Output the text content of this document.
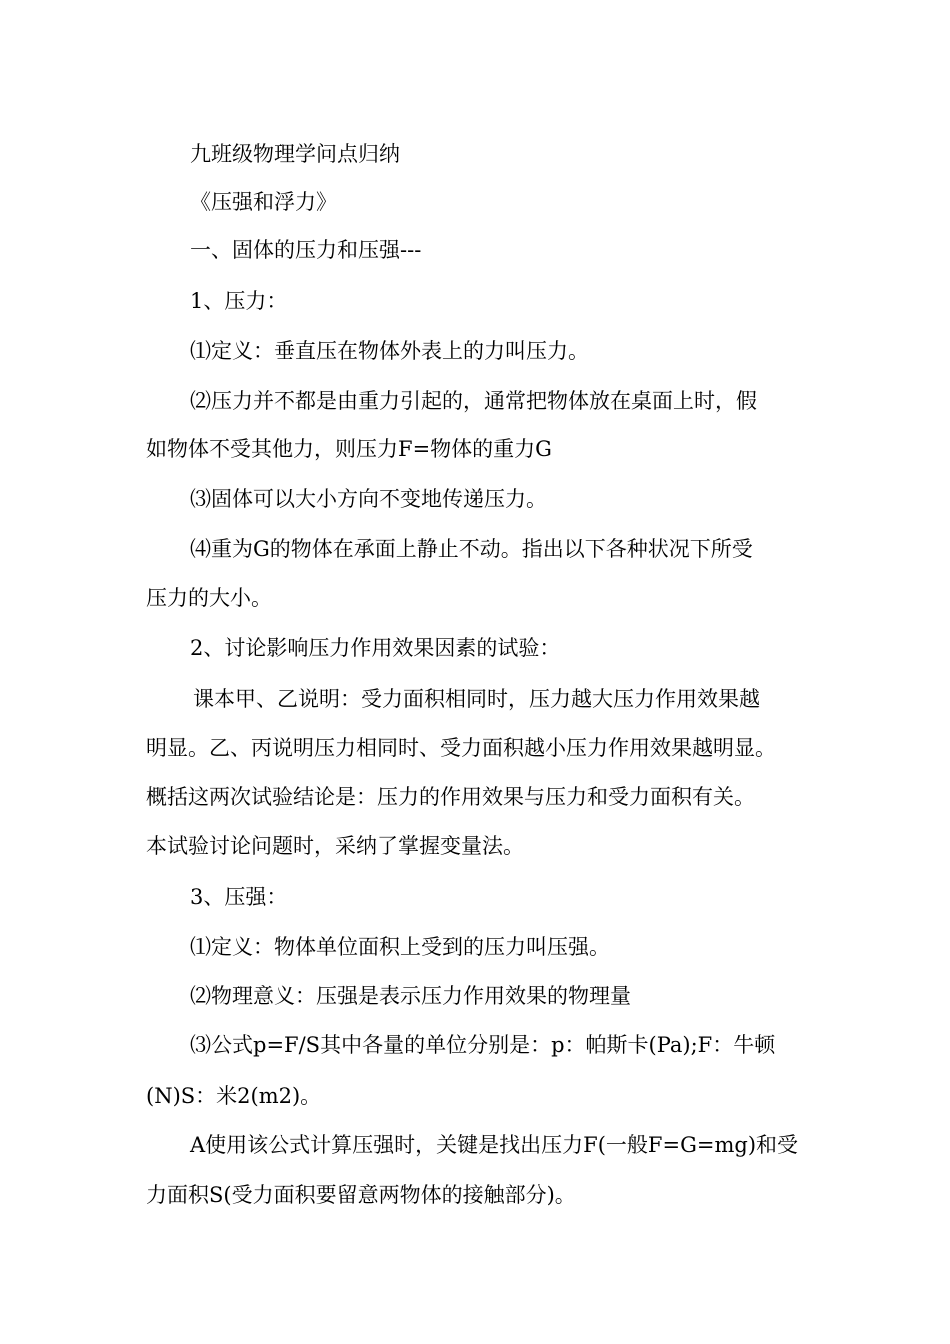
九班级物理学问点归纳
《压强和浮力》
一、固体的压力和压强---
1、压力：
⑴定义：垂直压在物体外表上的力叫压力。
⑵压力并不都是由重力引起的，通常把物体放在桌面上时，假
如物体不受其他力，则压力F=物体的重力G
⑶固体可以大小方向不变地传递压力。
⑷重为G的物体在承面上静止不动。指出以下各种状况下所受
压力的大小。
2、讨论影响压力作用效果因素的试验：
课本甲、乙说明：受力面积相同时，压力越大压力作用效果越
明显。乙、丙说明压力相同时、受力面积越小压力作用效果越明显。
概括这两次试验结论是：压力的作用效果与压力和受力面积有关。
本试验讨论问题时，采纳了掌握变量法。
3、压强：
⑴定义：物体单位面积上受到的压力叫压强。
⑵物理意义：压强是表示压力作用效果的物理量
⑶公式p=F/S其中各量的单位分别是：p：帕斯卡(Pa);F：牛顿
(N)S：米2(m2)。
A使用该公式计算压强时，关键是找出压力F(一般F=G=mg)和受
力面积S(受力面积要留意两物体的接触部分)。
